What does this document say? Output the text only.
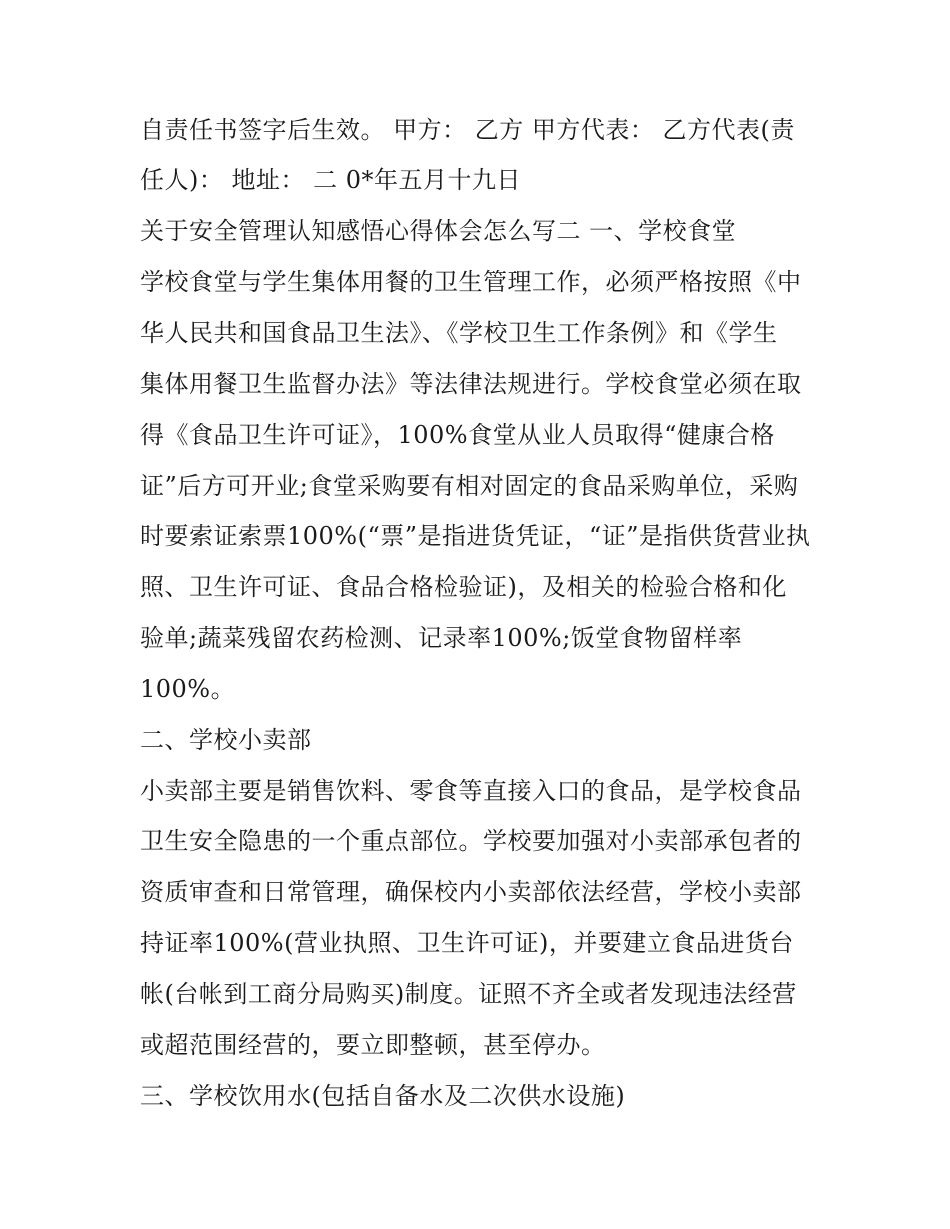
自责任书签字后生效。 甲方： 乙方 甲方代表： 乙方代表(责
任人)： 地址： 二 0*年五月十九日
关于安全管理认知感悟心得体会怎么写二 一、学校食堂
学校食堂与学生集体用餐的卫生管理工作，必须严格按照《中
华人民共和国食品卫生法》、《学校卫生工作条例》和《学生
集体用餐卫生监督办法》等法律法规进行。学校食堂必须在取
得《食品卫生许可证》，100%食堂从业人员取得“健康合格
证”后方可开业;食堂采购要有相对固定的食品采购单位，采购
时要索证索票100%(“票”是指进货凭证，“证”是指供货营业执
照、卫生许可证、食品合格检验证)，及相关的检验合格和化
验单;蔬菜残留农药检测、记录率100%;饭堂食物留样率
100%。
二、学校小卖部
小卖部主要是销售饮料、零食等直接入口的食品，是学校食品
卫生安全隐患的一个重点部位。学校要加强对小卖部承包者的
资质审查和日常管理，确保校内小卖部依法经营，学校小卖部
持证率100%(营业执照、卫生许可证)，并要建立食品进货台
帐(台帐到工商分局购买)制度。证照不齐全或者发现违法经营
或超范围经营的，要立即整顿，甚至停办。
三、学校饮用水(包括自备水及二次供水设施)
